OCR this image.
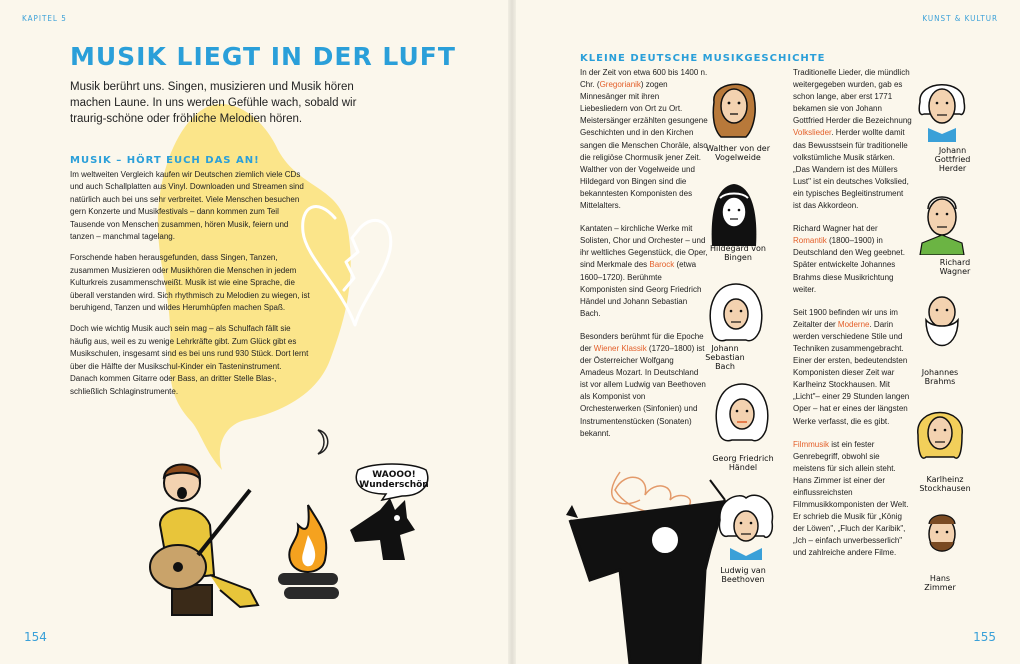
KAPITEL 5
MUSIK LIEGT IN DER LUFT
Musik berührt uns. Singen, musizieren und Musik hören machen Laune. In uns werden Gefühle wach, sobald wir traurig-schöne oder fröhliche Melodien hören.
MUSIK – HÖRT EUCH DAS AN!

Im weltweiten Vergleich kaufen wir Deutschen ziemlich viele CDs und auch Schallplatten aus Vinyl. Downloaden und Streamen sind natürlich auch bei uns sehr verbreitet. Viele Menschen besuchen gern Konzerte und Musikfestivals – dann kommen zum Teil Tausende von Menschen zusammen, hören Musik, feiern und tanzen – manchmal tagelang.

Forschende haben herausgefunden, dass Singen, Tanzen, zusammen Musizieren oder Musikhören die Menschen in jedem Kulturkreis zusammenschweißt. Musik ist wie eine Sprache, die überall verstanden wird. Sich rhythmisch zu Melodien zu wiegen, ist beruhigend, Tanzen und wildes Herumhüpfen machen Spaß.

Doch wie wichtig Musik auch sein mag – als Schulfach fällt sie häufig aus, weil es zu wenige Lehrkräfte gibt. Zum Glück gibt es Musikschulen, insgesamt sind es bei uns rund 930 Stück. Dort lernt über die Hälfte der Musikschul-Kinder ein Tasteninstrument. Danach kommen Gitarre oder Bass, an dritter Stelle Blas-, schließlich Schlaginstrumente.

WAOOO! Wunderschön
154
KUNST & KULTUR
KLEINE DEUTSCHE MUSIKGESCHICHTE

In der Zeit von etwa 600 bis 1400 n. Chr. (Gregorianik) zogen Minnesänger mit ihren Liebesliedern von Ort zu Ort. Meistersänger erzählten gesungene Geschichten und in den Kirchen sangen die Menschen Choräle, also die religiöse Chormusik jener Zeit. Walther von der Vogelweide und Hildegard von Bingen sind die bekanntesten Komponisten des Mittelalters.

Kantaten – kirchliche Werke mit Solisten, Chor und Orchester – und ihr weltliches Gegenstück, die Oper, sind Merkmale des Barock (etwa 1600–1720). Berühmte Komponisten sind Georg Friedrich Händel und Johann Sebastian Bach.

Besonders berühmt für die Epoche der Wiener Klassik (1720–1800) ist der Österreicher Wolfgang Amadeus Mozart. In Deutschland ist vor allem Ludwig van Beethoven als Komponist von Orchesterwerken (Sinfonien) und Instrumentenstücken (Sonaten) bekannt.

Traditionelle Lieder, die mündlich weitergegeben wurden, gab es schon lange, aber erst 1771 bekamen sie von Johann Gottfried Herder die Bezeichnung Volkslieder. Herder wollte damit das Bewusstsein für traditionelle volkstümliche Musik stärken. „Das Wandern ist des Müllers Lust" ist ein deutsches Volkslied, ein typisches Begleitinstrument ist das Akkordeon.

Richard Wagner hat der Romantik (1800–1900) in Deutschland den Weg geebnet. Später entwickelte Johannes Brahms diese Musikrichtung weiter.

Seit 1900 befinden wir uns im Zeitalter der Moderne. Darin werden verschiedene Stile und Techniken zusammengebracht. Einer der ersten, bedeutendsten Komponisten dieser Zeit war Karlheinz Stockhausen. Mit „Licht"– einer 29 Stunden langen Oper – hat er eines der längsten Werke verfasst, die es gibt.

Filmmusik ist ein fester Genrebegriff, obwohl sie meistens für sich allein steht. Hans Zimmer ist einer der einflussreichsten Filmmusikkomponisten der Welt. Er schrieb die Musik für „König der Löwen", „Fluch der Karibik", „Ich – einfach unverbesserlich" und zahlreiche andere Filme.

Walther von der Vogelweide
Hildegard von Bingen
Johann Sebastian Bach
Georg Friedrich Händel
Ludwig van Beethoven
Johann Gottfried Herder
Richard Wagner
Johannes Brahms
Karlheinz Stockhausen
Hans Zimmer
155
